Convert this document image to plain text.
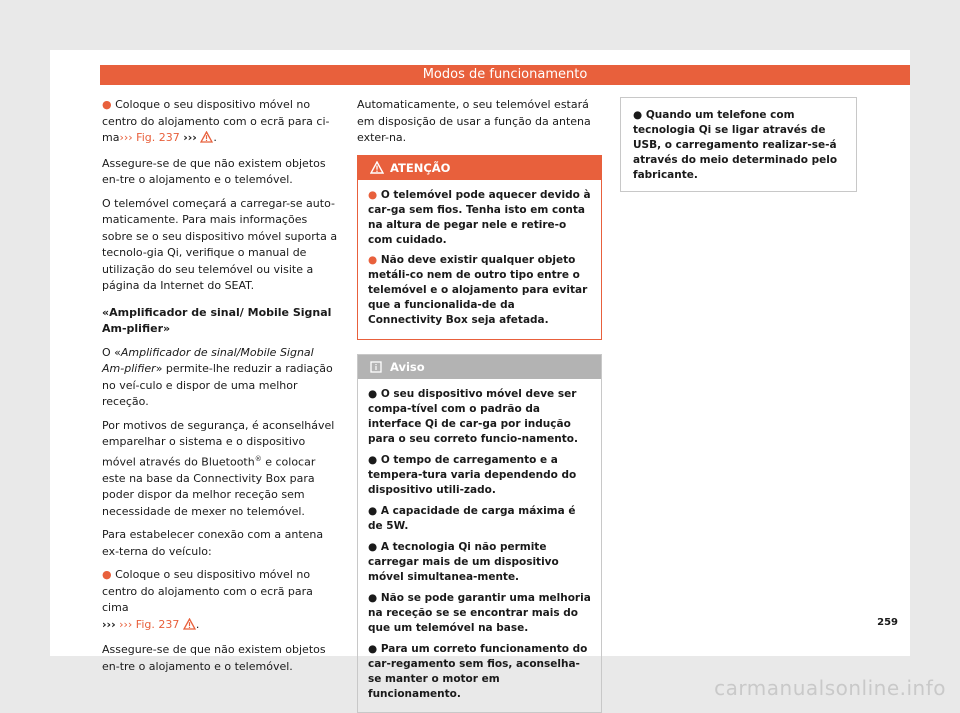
Modos de funcionamento

● Coloque o seu dispositivo móvel no centro do alojamento com o ecrã para ci-ma››› Fig. 237 ››› .

Assegure-se de que não existem objetos en-tre o alojamento e o telemóvel.

O telemóvel começará a carregar-se auto-maticamente. Para mais informações sobre se o seu dispositivo móvel suporta a tecnolo-gia Qi, verifique o manual de utilização do seu telemóvel ou visite a página da Internet do SEAT.

«Amplificador de sinal/ Mobile Signal Am-plifier»

O «Amplificador de sinal/Mobile Signal Am-plifier» permite-lhe reduzir a radiação no veí-culo e dispor de uma melhor receção.

Por motivos de segurança, é aconselhável emparelhar o sistema e o dispositivo móvel através do Bluetooth® e colocar este na base da Connectivity Box para poder dispor da melhor receção sem necessidade de mexer no telemóvel.

Para estabelecer conexão com a antena ex-terna do veículo:

● Coloque o seu dispositivo móvel no centro do alojamento com o ecrã para cima
››› ››› Fig. 237 .

Assegure-se de que não existem objetos en-tre o alojamento e o telemóvel.

Automaticamente, o seu telemóvel estará em disposição de usar a função da antena exter-na.

ATENÇÃO

● O telemóvel pode aquecer devido à car-ga sem fios. Tenha isto em conta na altura de pegar nele e retire-o com cuidado.

● Não deve existir qualquer objeto metáli-co nem de outro tipo entre o telemóvel e o alojamento para evitar que a funcionalida-de da Connectivity Box seja afetada.

Aviso

● O seu dispositivo móvel deve ser compa-tível com o padrão da interface Qi de car-ga por indução para o seu correto funcio-namento.

● O tempo de carregamento e a tempera-tura varia dependendo do dispositivo utili-zado.

● A capacidade de carga máxima é de 5W.

● A tecnologia Qi não permite carregar mais de um dispositivo móvel simultanea-mente.

● Não se pode garantir uma melhoria na receção se se encontrar mais do que um telemóvel na base.

● Para um correto funcionamento do car-regamento sem fios, aconselha-se manter o motor em funcionamento.

● Quando um telefone com tecnologia Qi se ligar através de USB, o carregamento realizar-se-á através do meio determinado pelo fabricante.
259
carmanualsonline.info
